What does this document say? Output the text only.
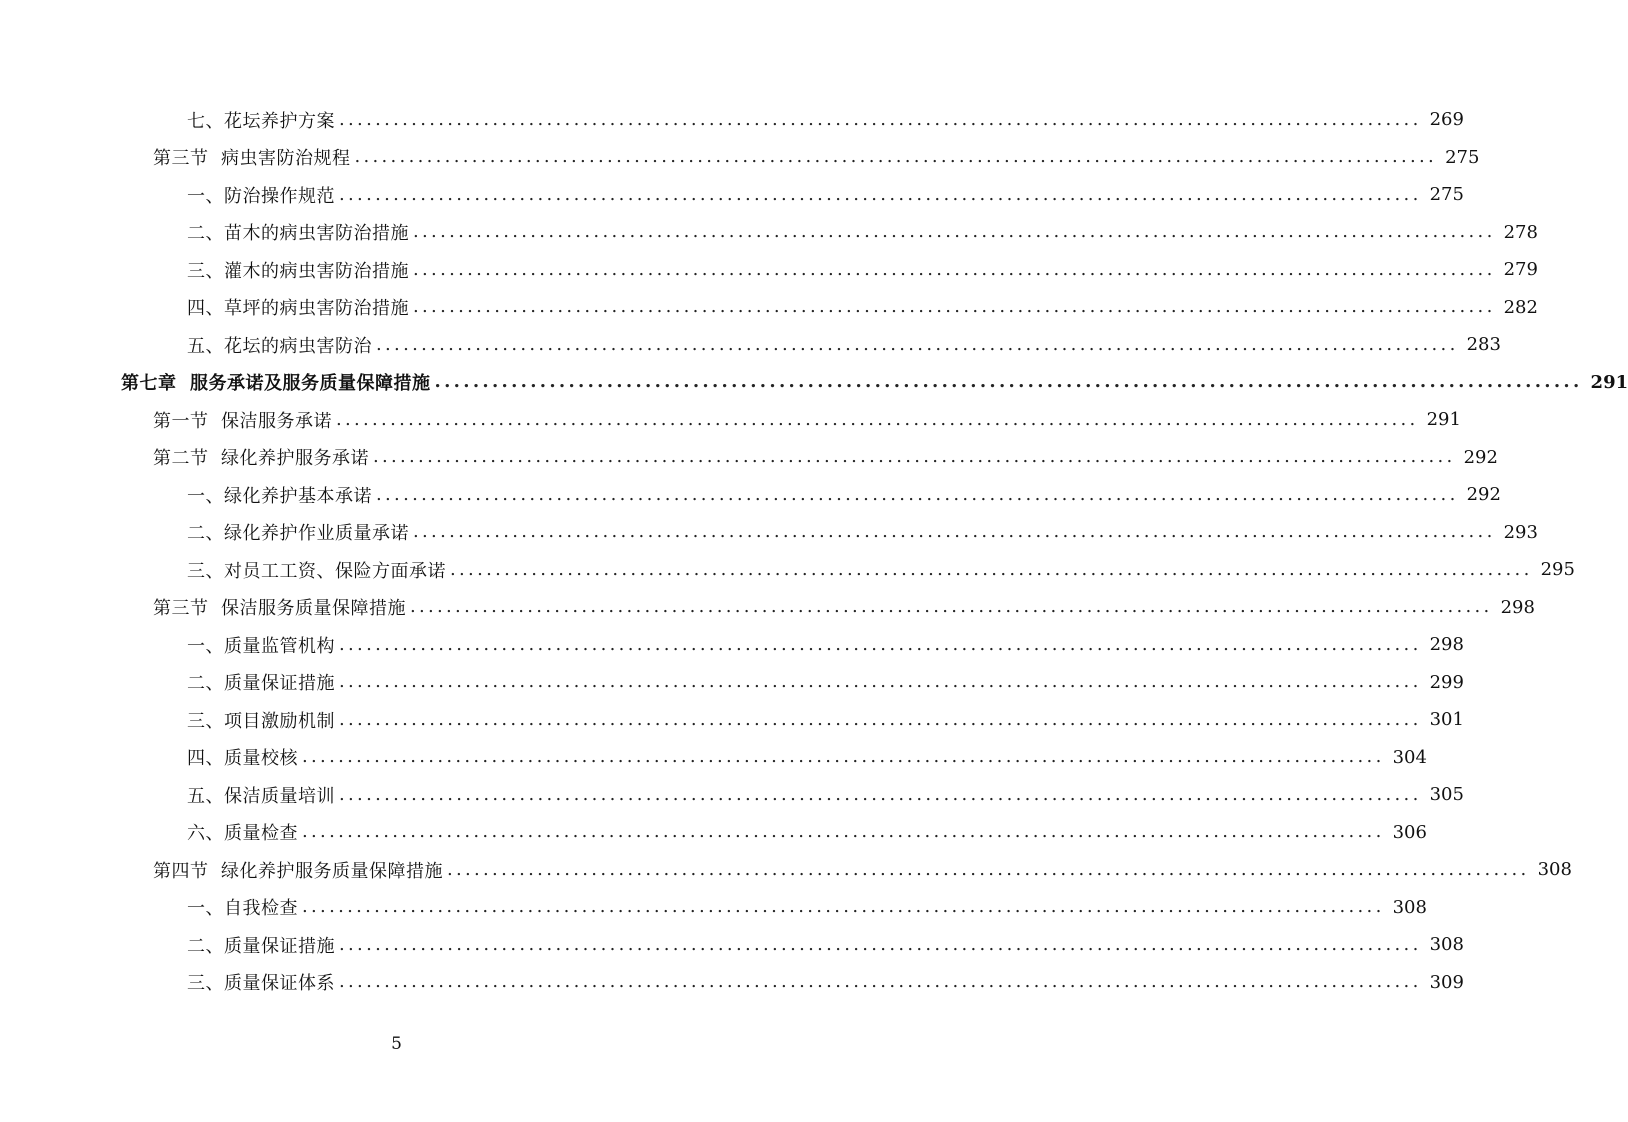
七、花坛养护方案 ........................................................................................................................ 269
第三节  病虫害防治规程 ........................................................................................................................ 275
一、防治操作规范 ........................................................................................................................ 275
二、苗木的病虫害防治措施 ........................................................................................................................ 278
三、灌木的病虫害防治措施 ........................................................................................................................ 279
四、草坪的病虫害防治措施 ........................................................................................................................ 282
五、花坛的病虫害防治 ........................................................................................................................ 283
第七章  服务承诺及服务质量保障措施 ........................................................................................................................ 291
第一节  保洁服务承诺 ........................................................................................................................ 291
第二节  绿化养护服务承诺 ........................................................................................................................ 292
一、绿化养护基本承诺 ........................................................................................................................ 292
二、绿化养护作业质量承诺 ........................................................................................................................ 293
三、对员工工资、保险方面承诺 ........................................................................................................................ 295
第三节  保洁服务质量保障措施 ........................................................................................................................ 298
一、质量监管机构 ........................................................................................................................ 298
二、质量保证措施 ........................................................................................................................ 299
三、项目激励机制 ........................................................................................................................ 301
四、质量校核 ........................................................................................................................ 304
五、保洁质量培训 ........................................................................................................................ 305
六、质量检查 ........................................................................................................................ 306
第四节  绿化养护服务质量保障措施 ........................................................................................................................ 308
一、自我检查 ........................................................................................................................ 308
二、质量保证措施 ........................................................................................................................ 308
三、质量保证体系 ........................................................................................................................ 309
5
